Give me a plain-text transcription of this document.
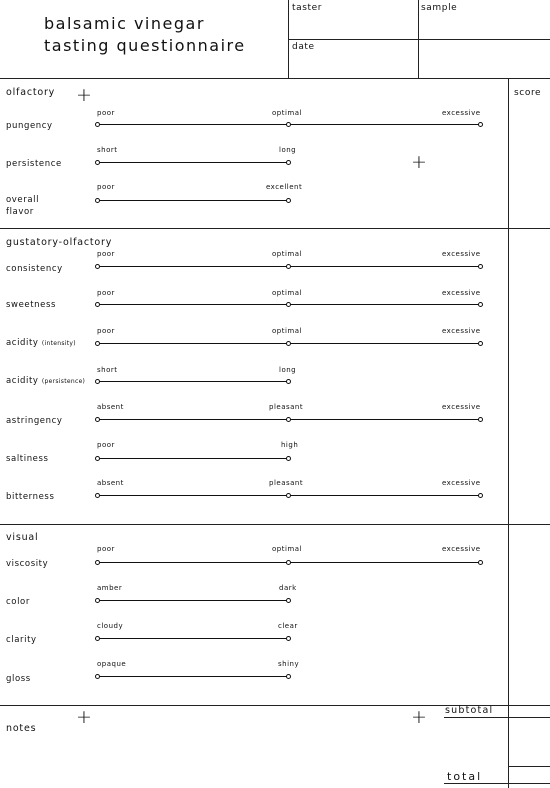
balsamic vinegar
tasting questionnaire
taster	sample
date
score
+
+
+	+
olfactory
pungency
poor	optimal	excessive
persistence
short	long
overall
flavor
poor	excellent
gustatory-olfactory
consistency
poor	optimal	excessive
sweetness
poor	optimal	excessive
acidity (intensity)
poor	optimal	excessive
acidity (persistence)
short	long
astringency
absent	pleasant	excessive
saltiness
poor	high
bitterness
absent	pleasant	excessive
visual
viscosity
poor	optimal	excessive
color
amber	dark
clarity
cloudy	clear
gloss
opaque	shiny
notes
subtotal
total
